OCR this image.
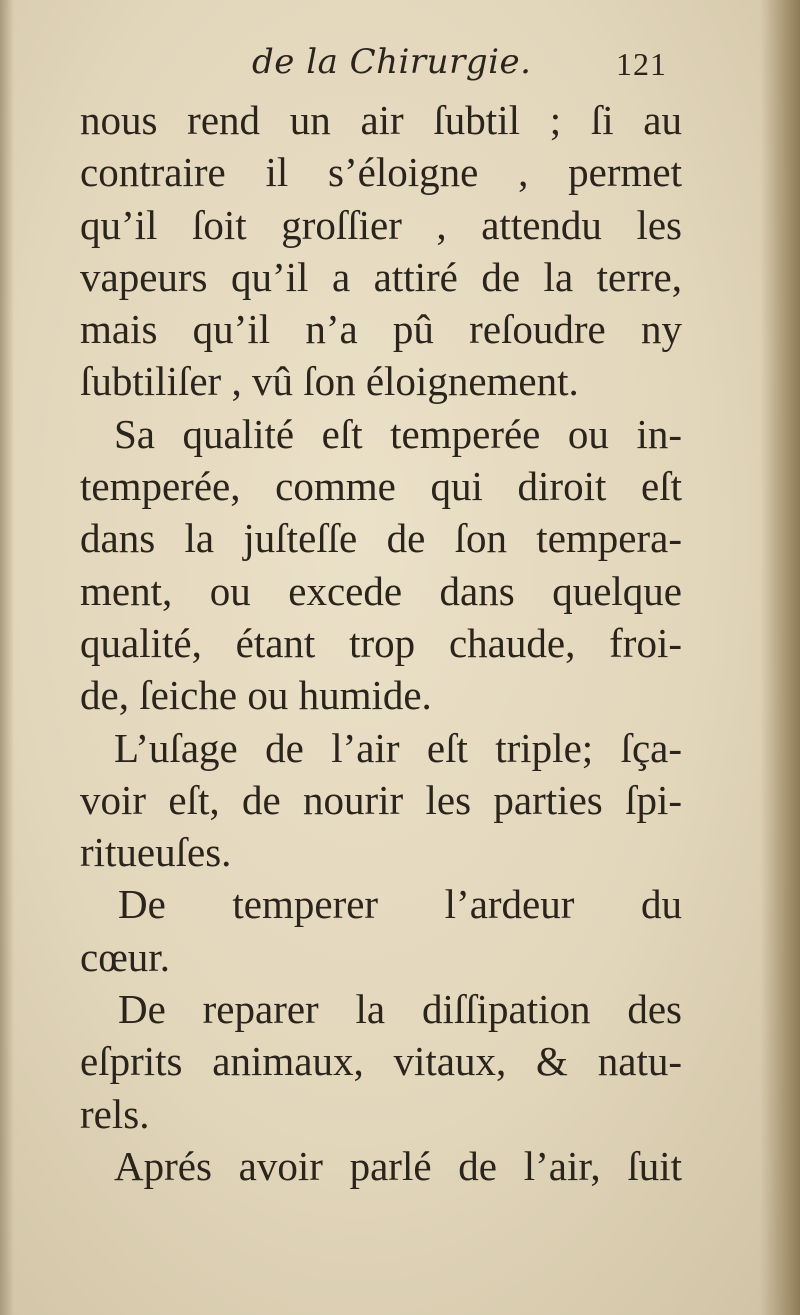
de la Chirurgie.	121
nous rend un air ſubtil ; ſi au
contraire il s’éloigne , permet
qu’il ſoit groſſier , attendu les
vapeurs qu’il a attiré de la terre,
mais qu’il n’a pû reſoudre ny
ſubtiliſer , vû ſon éloignement.
Sa qualité eſt temperée ou in-
temperée, comme qui diroit eſt
dans la juſteſſe de ſon tempera-
ment, ou excede dans quelque
qualité, étant trop chaude, froi-
de, ſeiche ou humide.
L’uſage de l’air eſt triple; ſça-
voir eſt, de nourir les parties ſpi-
ritueuſes.
De temperer l’ardeur du
cœur.
De reparer la diſſipation des
eſprits animaux, vitaux, & natu-
rels.
Aprés avoir parlé de l’air, ſuit
